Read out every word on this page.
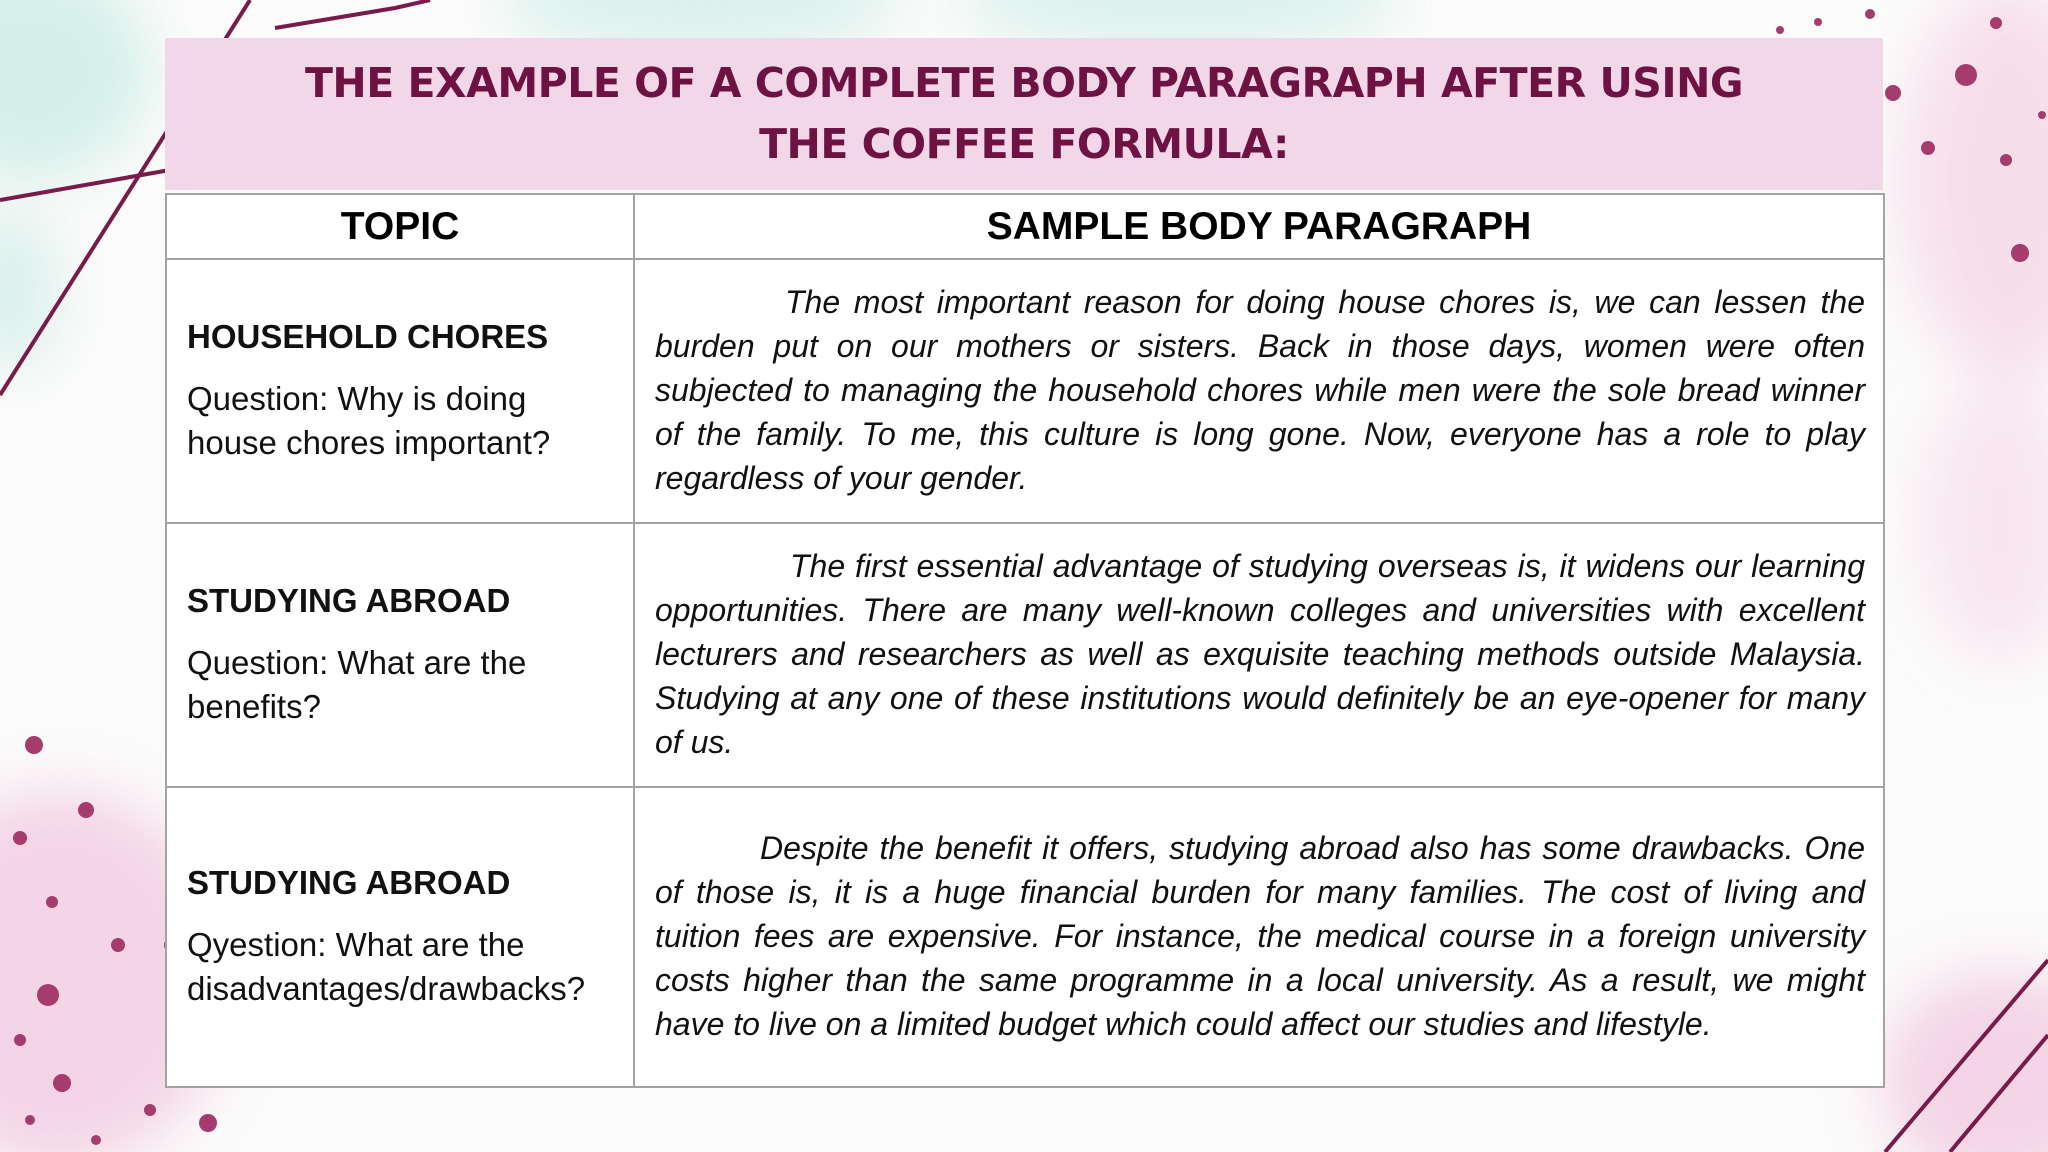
THE EXAMPLE OF A COMPLETE BODY PARAGRAPH AFTER USING
THE COFFEE FORMULA:
TOPIC	SAMPLE BODY PARAGRAPH

HOUSEHOLD CHORES
Question: Why is doing house chores important?	The most important reason for doing house chores is, we can lessen the burden put on our mothers or sisters. Back in those days, women were often subjected to managing the household chores while men were the sole bread winner of the family. To me, this culture is long gone. Now, everyone has a role to play regardless of your gender.

STUDYING ABROAD
Question: What are the benefits?	The first essential advantage of studying overseas is, it widens our learning opportunities. There are many well-known colleges and universities with excellent lecturers and researchers as well as exquisite teaching methods outside Malaysia. Studying at any one of these institutions would definitely be an eye-opener for many of us.

STUDYING ABROAD
Qyestion: What are the disadvantages/drawbacks?	Despite the benefit it offers, studying abroad also has some drawbacks. One of those is, it is a huge financial burden for many families. The cost of living and tuition fees are expensive. For instance, the medical course in a foreign university costs higher than the same programme in a local university. As a result, we might have to live on a limited budget which could affect our studies and lifestyle.
